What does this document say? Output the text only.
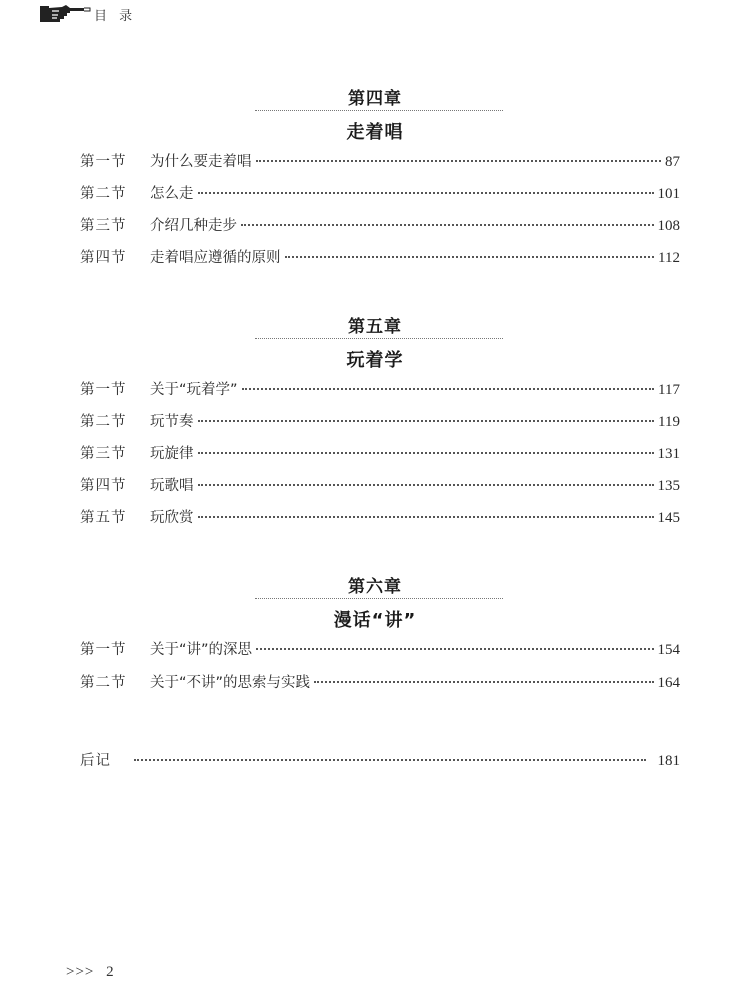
目 录
第四章
走着唱
第一节	为什么要走着唱	87
第二节	怎么走	101
第三节	介绍几种走步	108
第四节	走着唱应遵循的原则	112
第五章
玩着学
第一节	关于“玩着学”	117
第二节	玩节奏	119
第三节	玩旋律	131
第四节	玩歌唱	135
第五节	玩欣赏	145
第六章
漫话“讲”
第一节	关于“讲”的深思	154
第二节	关于“不讲”的思索与实践	164
后记	181
>>> 2
